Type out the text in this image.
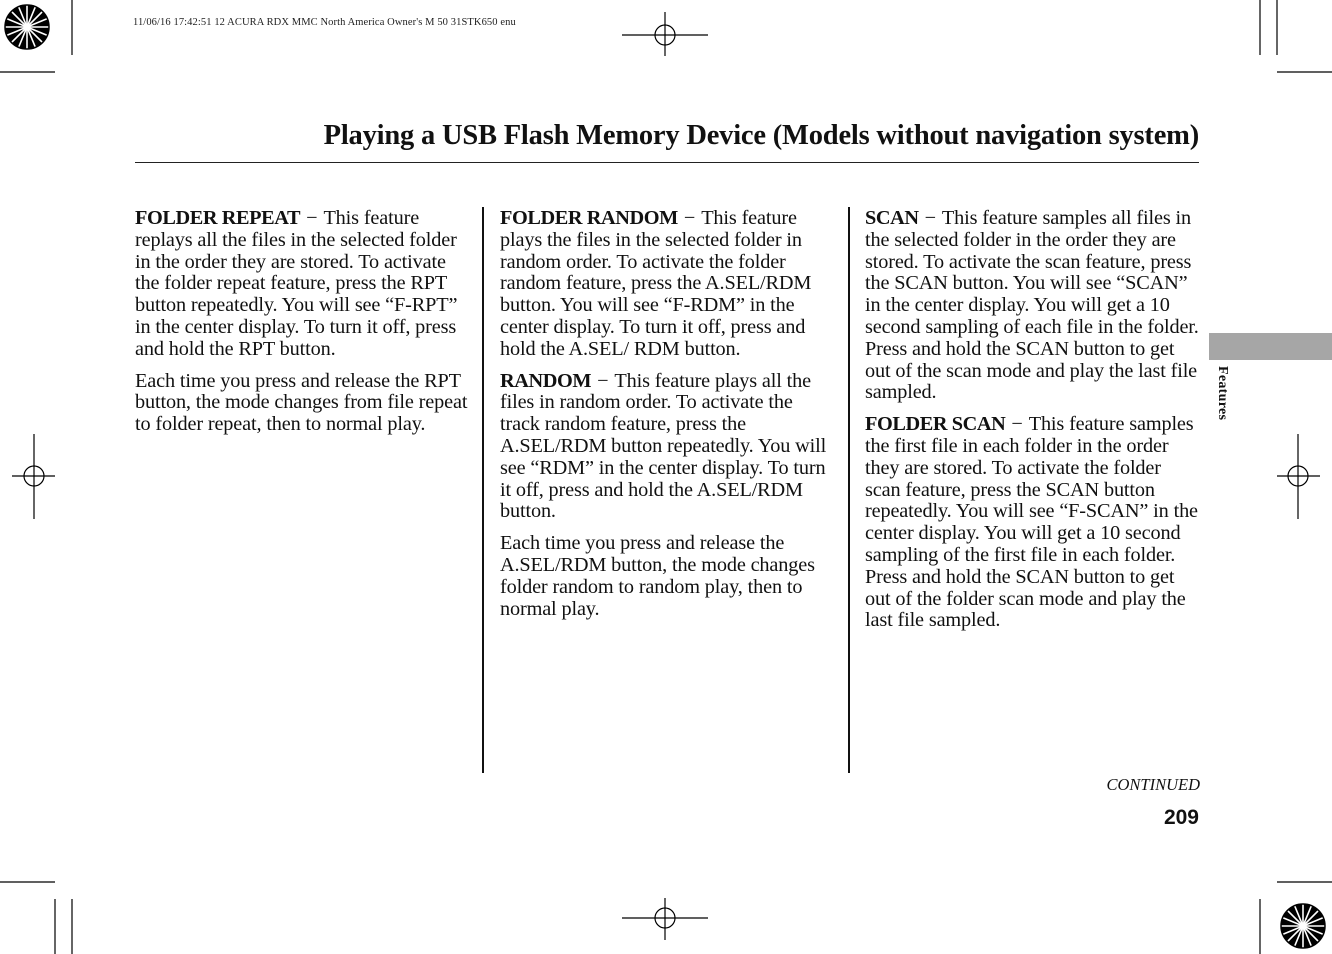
11/06/16 17:42:51 12 ACURA RDX MMC North America Owner's M 50 31STK650 enu
Playing a USB Flash Memory Device (Models without navigation system)

FOLDER REPEAT − This feature replays all the files in the selected folder in the order they are stored. To activate the folder repeat feature, press the RPT button repeatedly. You will see “F-RPT” in the center display. To turn it off, press and hold the RPT button.

Each time you press and release the RPT button, the mode changes from file repeat to folder repeat, then to normal play.

FOLDER RANDOM − This feature plays the files in the selected folder in random order. To activate the folder random feature, press the A.SEL/RDM button. You will see “F-RDM” in the center display. To turn it off, press and hold the A.SEL/ RDM button.

RANDOM − This feature plays all the files in random order. To activate the track random feature, press the A.SEL/RDM button repeatedly. You will see “RDM” in the center display. To turn it off, press and hold the A.SEL/RDM button.

Each time you press and release the A.SEL/RDM button, the mode changes folder random to random play, then to normal play.

SCAN − This feature samples all files in the selected folder in the order they are stored. To activate the scan feature, press the SCAN button. You will see “SCAN” in the center display. You will get a 10 second sampling of each file in the folder. Press and hold the SCAN button to get out of the scan mode and play the last file sampled.

FOLDER SCAN − This feature samples the first file in each folder in the order they are stored. To activate the folder scan feature, press the SCAN button repeatedly. You will see “F-SCAN” in the center display. You will get a 10 second sampling of the first file in each folder. Press and hold the SCAN button to get out of the folder scan mode and play the last file sampled.

Features
CONTINUED
209
